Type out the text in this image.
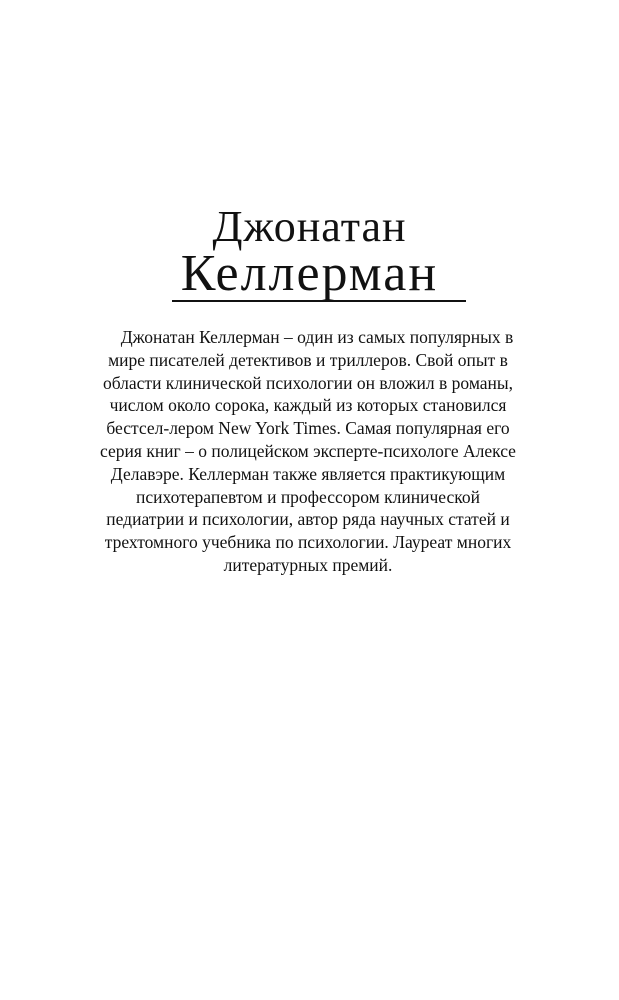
Джонатан
Келлерман

Джонатан Келлерман – один из самых популярных в мире писателей детективов и триллеров. Свой опыт в области клинической психологии он вложил в романы, числом около сорока, каждый из которых становился бестсел-лером New York Times. Самая популярная его серия книг – о полицейском эксперте-психологе Алексе Делавэре. Келлерман также является практикующим психотерапевтом и профессором клинической педиатрии и психологии, автор ряда научных статей и трехтомного учебника по психологии. Лауреат многих литературных премий.
